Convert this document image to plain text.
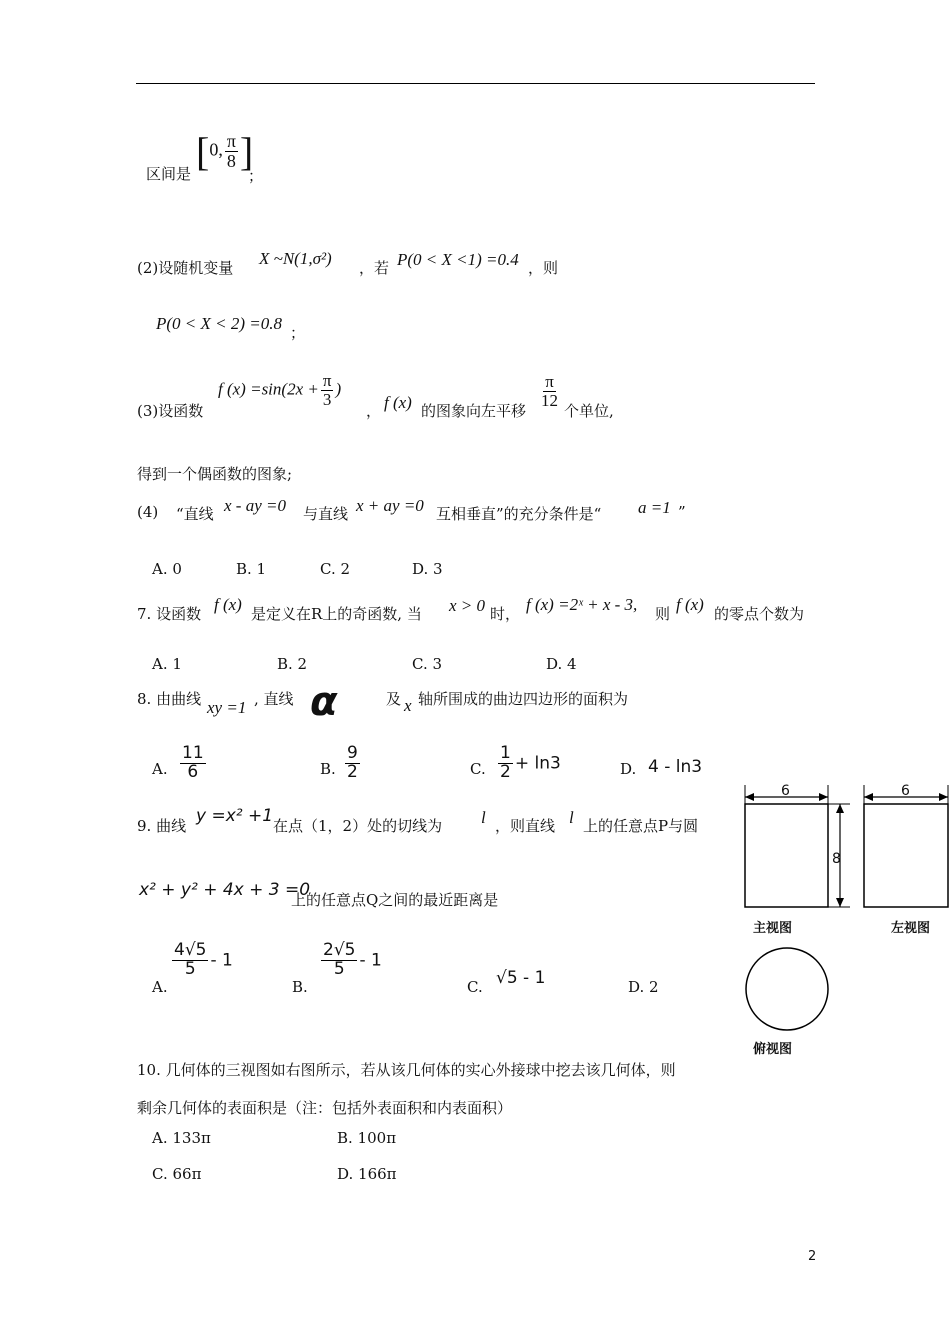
区间是 [0, $\frac{\pi}{8}$ ]
；
(2)设随机变量 X ~N(1,σ²) ，若 P(0 < X <1) =0.4 ，则
P(0 < X < 2) =0.8 ；
(3)设函数
f $(x) =\sin(2x + \frac{\pi}{3}$ )
， f (x) 的图象向左平移
$\frac{\pi}{12}$
个单位,
得到一个偶函数的图象;
(4) “直线 x - ay =0 与直线 x + ay =0 互相垂直”的充分条件是“ a =1 ”
A. 0	B. 1	C. 2	D. 3
7. 设函数 f (x) 是定义在R上的奇函数, 当 x > 0 时， f (x) =2ˣ + x - 3, 则 f (x) 的零点个数为
A. 1	B. 2	C. 3	D. 4
8. 由曲线 xy =1 , 直线 α	及 x 轴所围成的曲边四边形的面积为
A. $\frac{11}{6}$	B. $\frac{9}{2}$	C. $\frac{1}{2} + \ln 3$	D. 4 - ln3
9. 曲线 y =x² +1 在点（1，2）处的切线为 l ，则直线 l 上的任意点P与圆
x² + y² + 4x + 3 =0
上的任意点Q之间的最近距离是
A.
$\frac{4√5}{5} - 1$
B.
$\frac{2√5}{5} - 1$
C. √5 - 1	D. 2
10. 几何体的三视图如右图所示，若从该几何体的实心外接球中挖去该几何体，则
剩余几何体的表面积是（注：包括外表面积和内表面积）
A. 133π	B. 100π
C. 66π	D. 166π
6	6
8
主视图	左视图
俯视图
2
